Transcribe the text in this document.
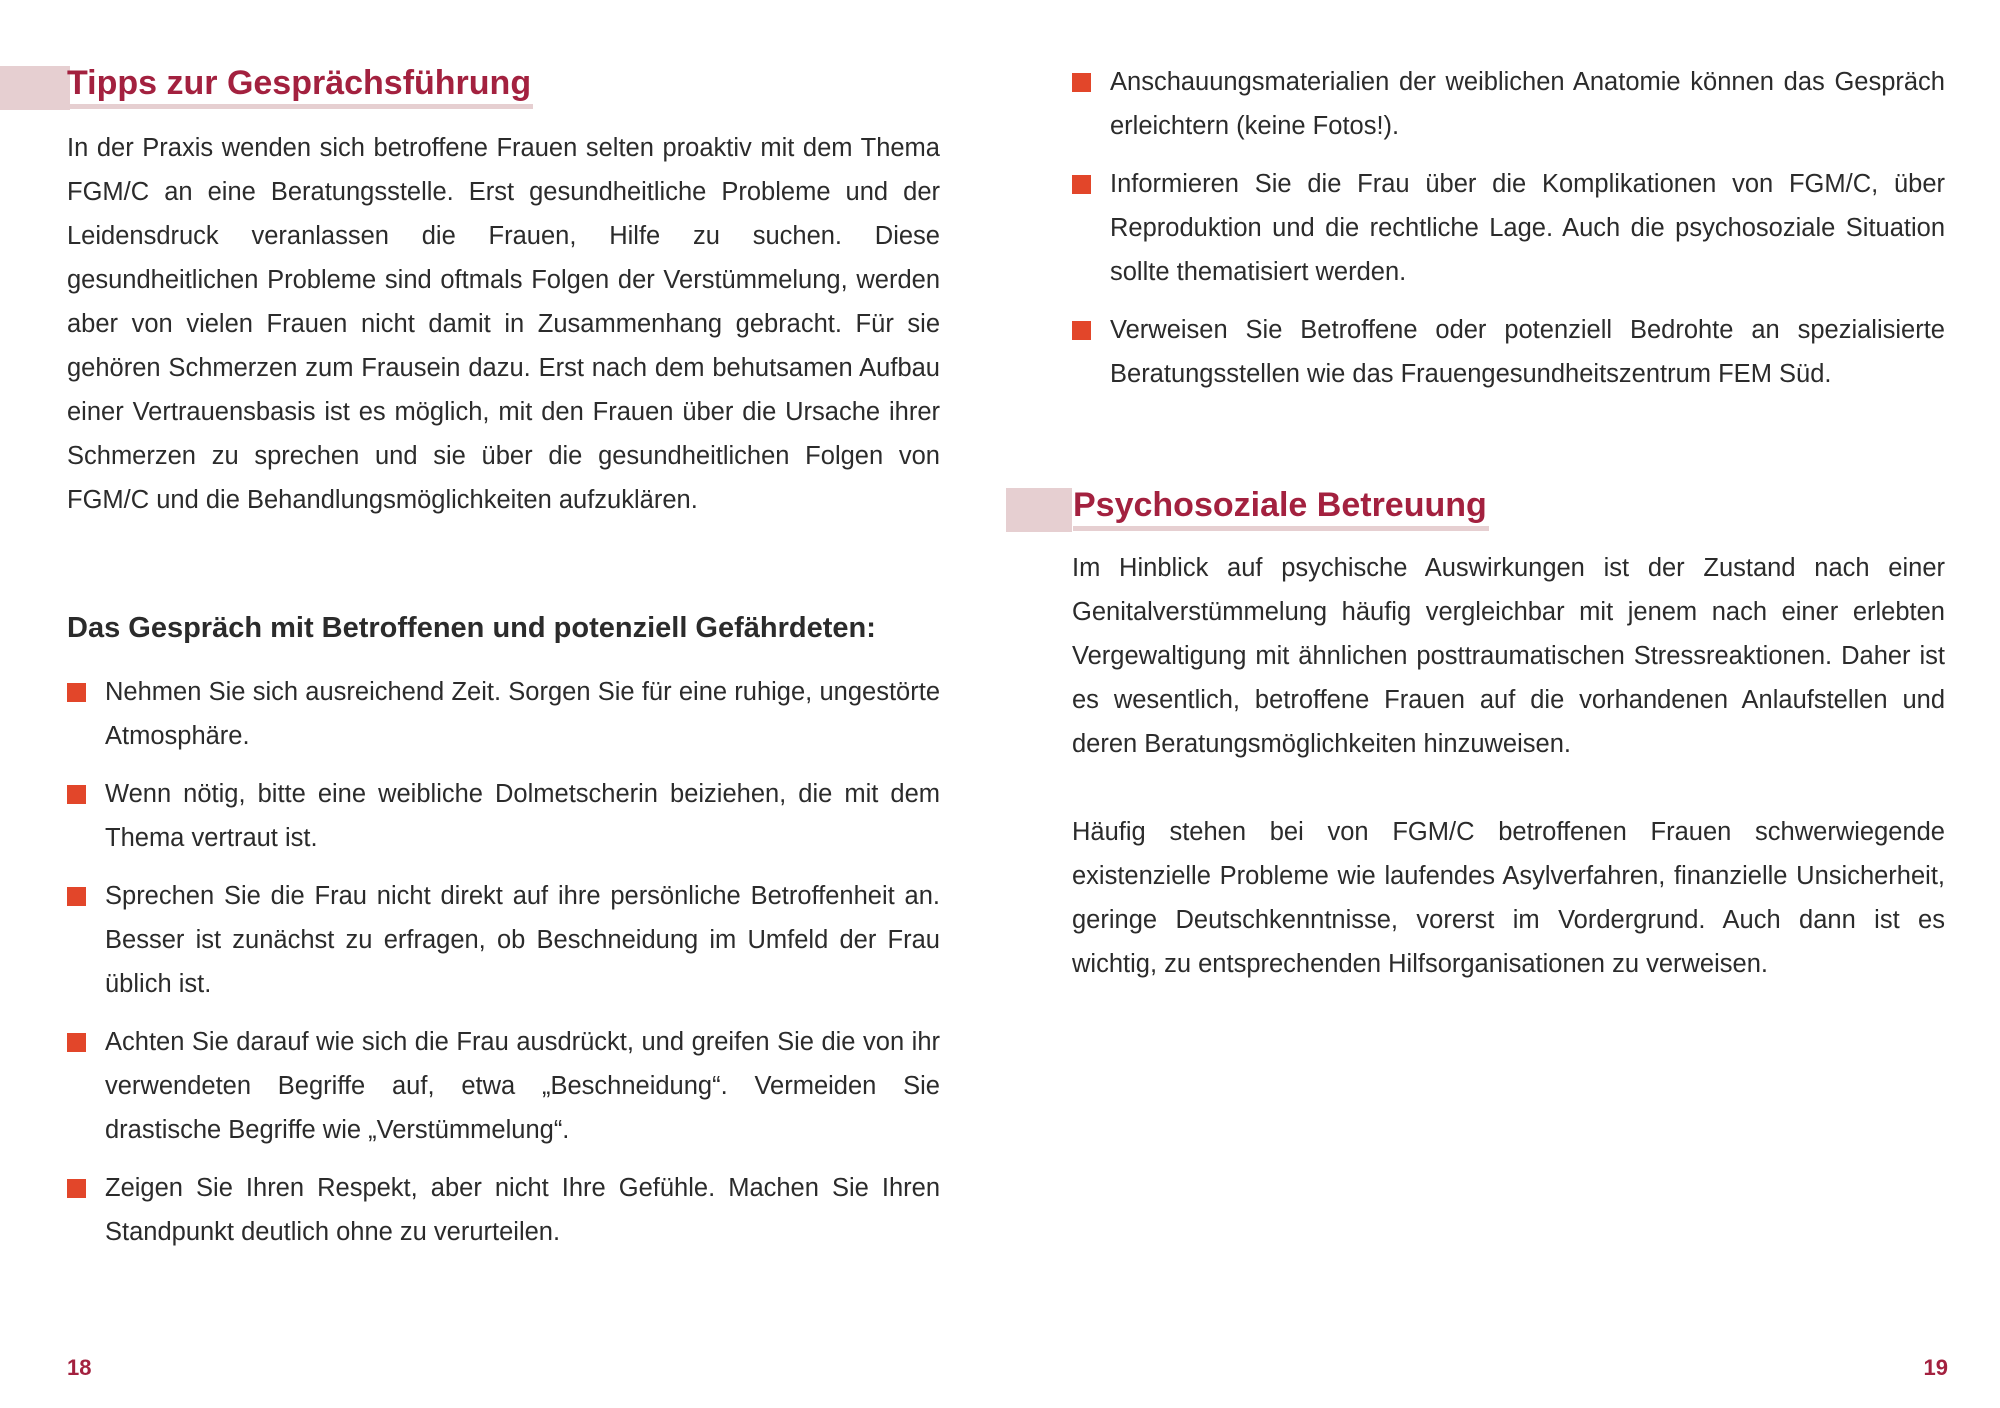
Tipps zur Gesprächsführung

In der Praxis wenden sich betroffene Frauen selten proaktiv mit dem Thema FGM/C an eine Beratungsstelle. Erst gesundheitliche Probleme und der Leidensdruck veranlassen die Frauen, Hilfe zu suchen. Diese gesundheitlichen Probleme sind oftmals Folgen der Verstümmelung, werden aber von vielen Frauen nicht damit in Zusammenhang gebracht. Für sie gehören Schmerzen zum Frausein dazu. Erst nach dem behutsamen Aufbau einer Vertrauensbasis ist es möglich, mit den Frauen über die Ursache ihrer Schmerzen zu sprechen und sie über die gesundheitlichen Folgen von FGM/C und die Behandlungsmöglichkeiten aufzuklären.

Das Gespräch mit Betroffenen und potenziell Gefährdeten:
Nehmen Sie sich ausreichend Zeit. Sorgen Sie für eine ruhige, ungestörte Atmosphäre.
Wenn nötig, bitte eine weibliche Dolmetscherin beiziehen, die mit dem Thema vertraut ist.
Sprechen Sie die Frau nicht direkt auf ihre persönliche Betroffenheit an. Besser ist zunächst zu erfragen, ob Beschneidung im Umfeld der Frau üblich ist.
Achten Sie darauf wie sich die Frau ausdrückt, und greifen Sie die von ihr verwendeten Begriffe auf, etwa „Beschneidung“. Vermeiden Sie drastische Begriffe wie „Verstümmelung“.
Zeigen Sie Ihren Respekt, aber nicht Ihre Gefühle. Machen Sie Ihren Standpunkt deutlich ohne zu verurteilen.
18
Anschauungsmaterialien der weiblichen Anatomie können das Gespräch erleichtern (keine Fotos!).
Informieren Sie die Frau über die Komplikationen von FGM/C, über Reproduktion und die rechtliche Lage. Auch die psychosoziale Situation sollte thematisiert werden.
Verweisen Sie Betroffene oder potenziell Bedrohte an spezialisierte Beratungsstellen wie das Frauengesundheitszentrum FEM Süd.
Psychosoziale Betreuung

Im Hinblick auf psychische Auswirkungen ist der Zustand nach einer Genitalverstümmelung häufig vergleichbar mit jenem nach einer erlebten Vergewaltigung mit ähnlichen posttraumatischen Stressreaktionen. Daher ist es wesentlich, betroffene Frauen auf die vorhandenen Anlaufstellen und deren Beratungsmöglichkeiten hinzuweisen.

Häufig stehen bei von FGM/C betroffenen Frauen schwerwiegende existenzielle Probleme wie laufendes Asylverfahren, finanzielle Unsicherheit, geringe Deutschkenntnisse, vorerst im Vordergrund. Auch dann ist es wichtig, zu entsprechenden Hilfsorganisationen zu verweisen.

19
